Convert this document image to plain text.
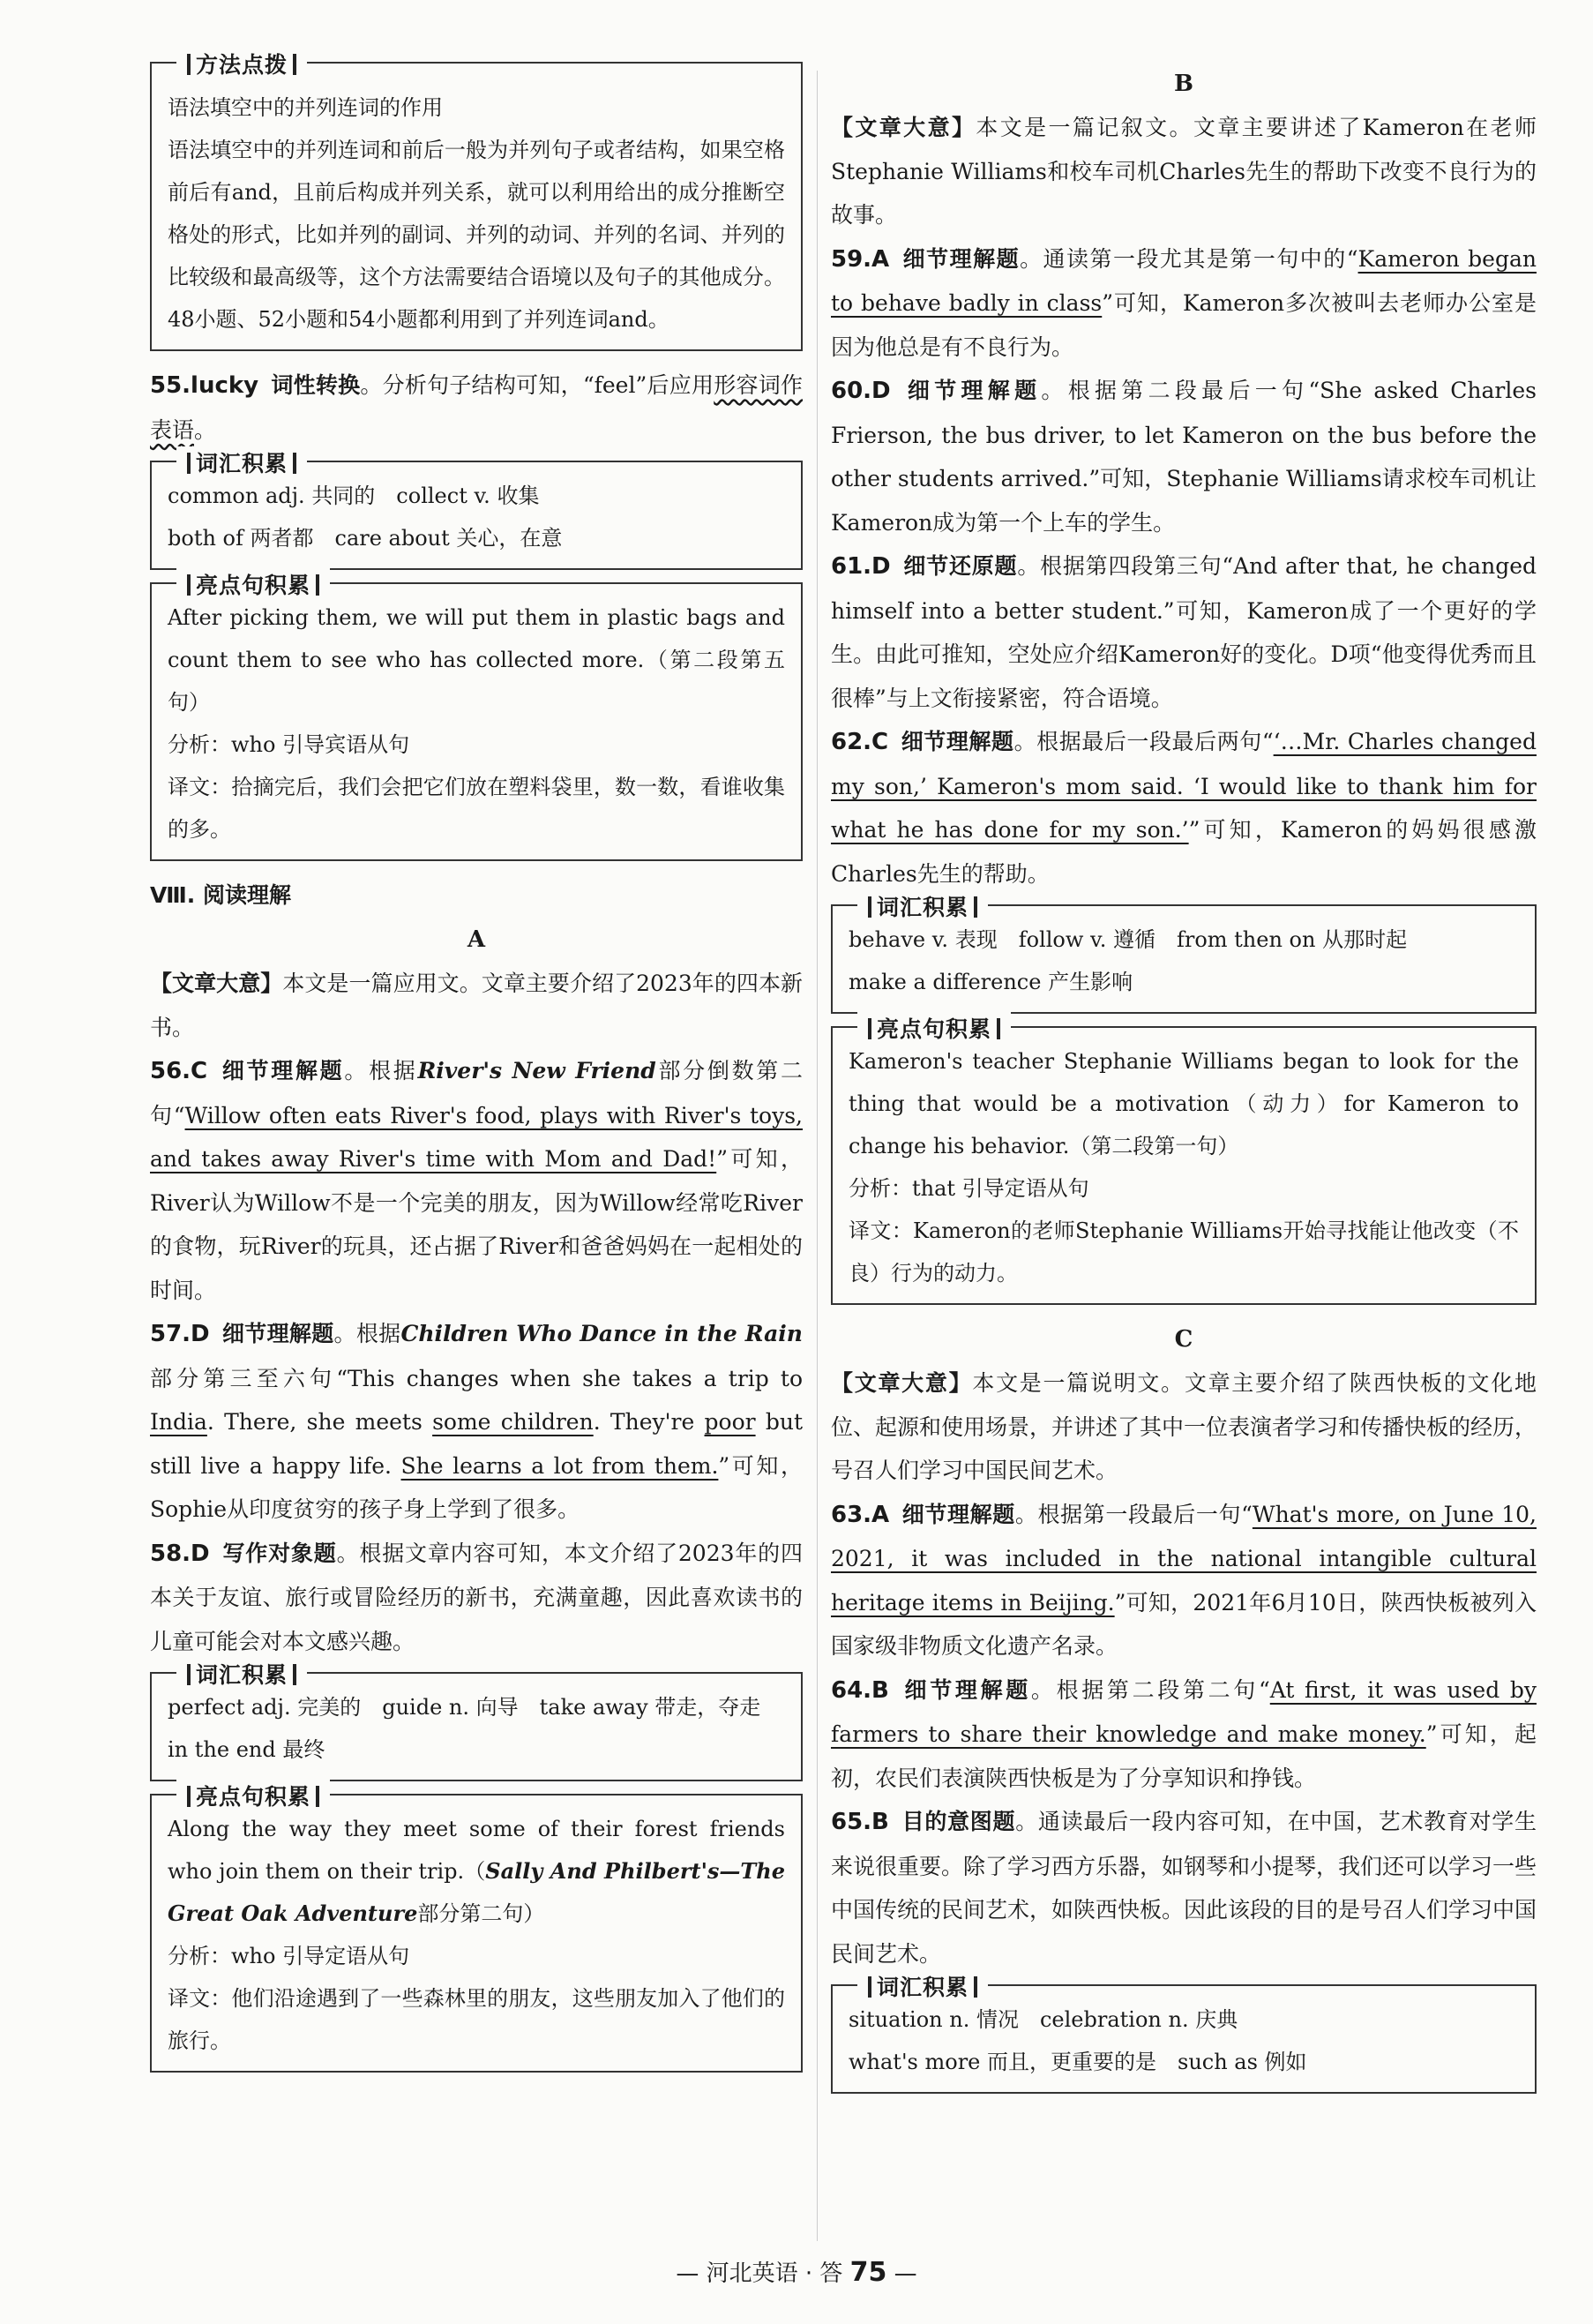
方法点拨

语法填空中的并列连词的作用

语法填空中的并列连词和前后一般为并列句子或者结构，如果空格前后有and，且前后构成并列关系，就可以利用给出的成分推断空格处的形式，比如并列的副词、并列的动词、并列的名词、并列的比较级和最高级等，这个方法需要结合语境以及句子的其他成分。48小题、52小题和54小题都利用到了并列连词and。

55.lucky 词性转换。分析句子结构可知，“feel”后应用形容词作表语。

词汇积累

common adj. 共同的　collect v. 收集

both of 两者都　care about 关心，在意

亮点句积累

After picking them, we will put them in plastic bags and count them to see who has collected more.（第二段第五句）

分析：who 引导宾语从句

译文：拾摘完后，我们会把它们放在塑料袋里，数一数，看谁收集的多。

Ⅷ. 阅读理解

A

【文章大意】本文是一篇应用文。文章主要介绍了2023年的四本新书。

56.C 细节理解题。根据River's New Friend部分倒数第二句“Willow often eats River's food, plays with River's toys, and takes away River's time with Mom and Dad!”可知，River认为Willow不是一个完美的朋友，因为Willow经常吃River的食物，玩River的玩具，还占据了River和爸爸妈妈在一起相处的时间。

57.D 细节理解题。根据Children Who Dance in the Rain部分第三至六句“This changes when she takes a trip to India. There, she meets some children. They're poor but still live a happy life. She learns a lot from them.”可知，Sophie从印度贫穷的孩子身上学到了很多。

58.D 写作对象题。根据文章内容可知，本文介绍了2023年的四本关于友谊、旅行或冒险经历的新书，充满童趣，因此喜欢读书的儿童可能会对本文感兴趣。

词汇积累

perfect adj. 完美的　guide n. 向导　take away 带走，夺走

in the end 最终

亮点句积累

Along the way they meet some of their forest friends who join them on their trip.（Sally And Philbert's—The Great Oak Adventure部分第二句）

分析：who 引导定语从句

译文：他们沿途遇到了一些森林里的朋友，这些朋友加入了他们的旅行。

B

【文章大意】本文是一篇记叙文。文章主要讲述了Kameron在老师Stephanie Williams和校车司机Charles先生的帮助下改变不良行为的故事。

59.A 细节理解题。通读第一段尤其是第一句中的“Kameron began to behave badly in class”可知，Kameron多次被叫去老师办公室是因为他总是有不良行为。

60.D 细节理解题。根据第二段最后一句“She asked Charles Frierson, the bus driver, to let Kameron on the bus before the other students arrived.”可知，Stephanie Williams请求校车司机让Kameron成为第一个上车的学生。

61.D 细节还原题。根据第四段第三句“And after that, he changed himself into a better student.”可知，Kameron成了一个更好的学生。由此可推知，空处应介绍Kameron好的变化。D项“他变得优秀而且很棒”与上文衔接紧密，符合语境。

62.C 细节理解题。根据最后一段最后两句“‘…Mr. Charles changed my son,’ Kameron's mom said. ‘I would like to thank him for what he has done for my son.’”可知，Kameron的妈妈很感激Charles先生的帮助。

词汇积累

behave v. 表现　follow v. 遵循　from then on 从那时起

make a difference 产生影响

亮点句积累

Kameron's teacher Stephanie Williams began to look for the thing that would be a motivation（动力）for Kameron to change his behavior.（第二段第一句）

分析：that 引导定语从句

译文：Kameron的老师Stephanie Williams开始寻找能让他改变（不良）行为的动力。

C

【文章大意】本文是一篇说明文。文章主要介绍了陕西快板的文化地位、起源和使用场景，并讲述了其中一位表演者学习和传播快板的经历，号召人们学习中国民间艺术。

63.A 细节理解题。根据第一段最后一句“What's more, on June 10, 2021, it was included in the national intangible cultural heritage items in Beijing.”可知，2021年6月10日，陕西快板被列入国家级非物质文化遗产名录。

64.B 细节理解题。根据第二段第二句“At first, it was used by farmers to share their knowledge and make money.”可知，起初，农民们表演陕西快板是为了分享知识和挣钱。

65.B 目的意图题。通读最后一段内容可知，在中国，艺术教育对学生来说很重要。除了学习西方乐器，如钢琴和小提琴，我们还可以学习一些中国传统的民间艺术，如陕西快板。因此该段的目的是号召人们学习中国民间艺术。

词汇积累

situation n. 情况　celebration n. 庆典

what's more 而且，更重要的是　such as 例如

— 河北英语 · 答 75 —
